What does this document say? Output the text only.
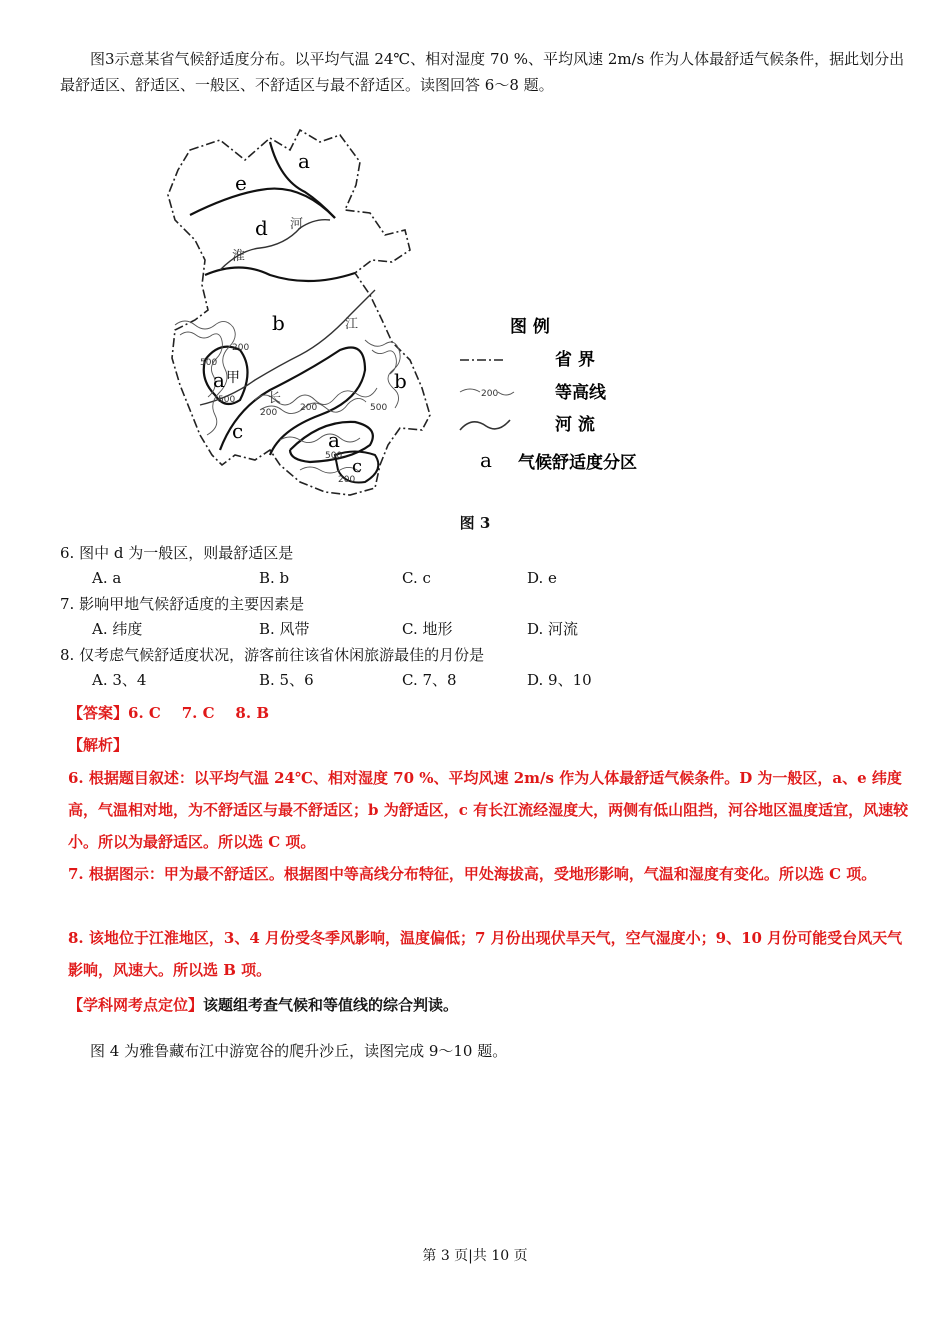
图3示意某省气候舒适度分布。以平均气温 24℃、相对湿度 70 %、平均风速 2m/s 作为人体最舒适气候条件，据此划分出最舒适区、舒适区、一般区、不舒适区与最不舒适区。读图回答 6～8 题。
a
e
d
b
a
c
b
a
c
甲
淮
河
长
江
200
500
500
200
200
500
500
200
图 例
省 界
200	等高线
河 流
a 气候舒适度分区
图 3
6. 图中 d 为一般区，则最舒适区是
A. a	B. b	C. c	D. e
7. 影响甲地气候舒适度的主要因素是
A. 纬度	B. 风带	C. 地形	D. 河流
8. 仅考虑气候舒适度状况，游客前往该省休闲旅游最佳的月份是
A. 3、4	B. 5、6	C. 7、8	D. 9、10
【答案】6. C    7. C    8. B
【解析】
6. 根据题目叙述：以平均气温 24℃、相对湿度 70 %、平均风速 2m/s 作为人体最舒适气候条件。D 为一般区，a、e 纬度高，气温相对地，为不舒适区与最不舒适区；b 为舒适区，c 有长江流经湿度大，两侧有低山阻挡，河谷地区温度适宜，风速较小。所以为最舒适区。所以选 C 项。
7. 根据图示：甲为最不舒适区。根据图中等高线分布特征，甲处海拔高，受地形影响，气温和湿度有变化。所以选 C 项。
8. 该地位于江淮地区，3、4 月份受冬季风影响，温度偏低；7 月份出现伏旱天气，空气湿度小；9、10 月份可能受台风天气影响，风速大。所以选 B 项。
【学科网考点定位】该题组考查气候和等值线的综合判读。
图 4 为雅鲁藏布江中游宽谷的爬升沙丘，读图完成 9～10 题。
第 3 页|共 10 页
